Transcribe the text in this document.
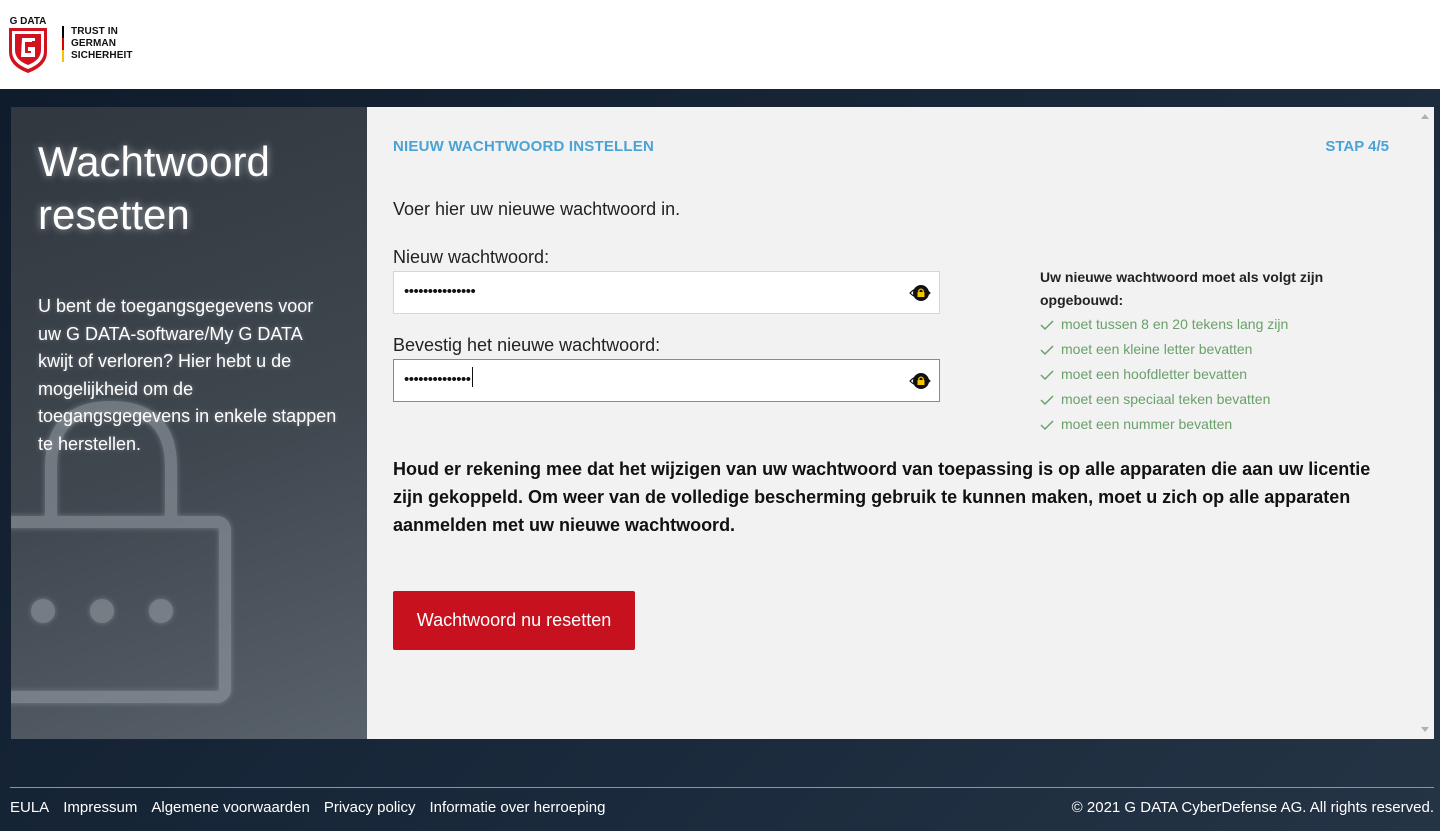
G DATA
TRUST IN
GERMAN
SICHERHEIT
Wachtwoord resetten
U bent de toegangsgegevens voor uw G DATA-software/My G DATA kwijt of verloren? Hier hebt u de mogelijkheid om de toegangsgegevens in enkele stappen te herstellen.
NIEUW WACHTWOORD INSTELLEN	STAP 4/5
Voer hier uw nieuwe wachtwoord in.
Nieuw wachtwoord:
•••••••••••••••
Bevestig het nieuwe wachtwoord:
••••••••••••••
Uw nieuwe wachtwoord moet als volgt zijn opgebouwd:
moet tussen 8 en 20 tekens lang zijn
moet een kleine letter bevatten
moet een hoofdletter bevatten
moet een speciaal teken bevatten
moet een nummer bevatten
Houd er rekening mee dat het wijzigen van uw wachtwoord van toepassing is op alle apparaten die aan uw licentie zijn gekoppeld. Om weer van de volledige bescherming gebruik te kunnen maken, moet u zich op alle apparaten aanmelden met uw nieuwe wachtwoord.
Wachtwoord nu resetten
EULA Impressum Algemene voorwaarden Privacy policy Informatie over herroeping	© 2021 G DATA CyberDefense AG. All rights reserved.
